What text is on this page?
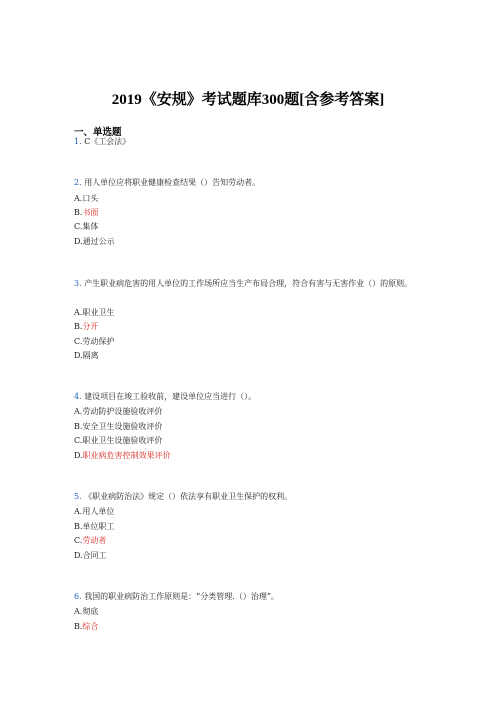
2019《安规》考试题库300题[含参考答案]
一、单选题
1. C《工会法》
2. 用人单位应将职业健康检查结果（）告知劳动者。
A.口头
B.书面
C.集体
D.通过公示
3. 产生职业病危害的用人单位的工作场所应当生产布局合理，符合有害与无害作业（）的原则。
A.职业卫生
B.分开
C.劳动保护
D.隔离
4. 建设项目在竣工验收前，建设单位应当进行（）。
A.劳动防护设施验收评价
B.安全卫生设施验收评价
C.职业卫生设施验收评价
D.职业病危害控制效果评价
5. 《职业病防治法》规定（）依法享有职业卫生保护的权利。
A.用人单位
B.单位职工
C.劳动者
D.合同工
6. 我国的职业病防治工作原则是：“分类管理.（）治理”。
A.彻底
B.综合
